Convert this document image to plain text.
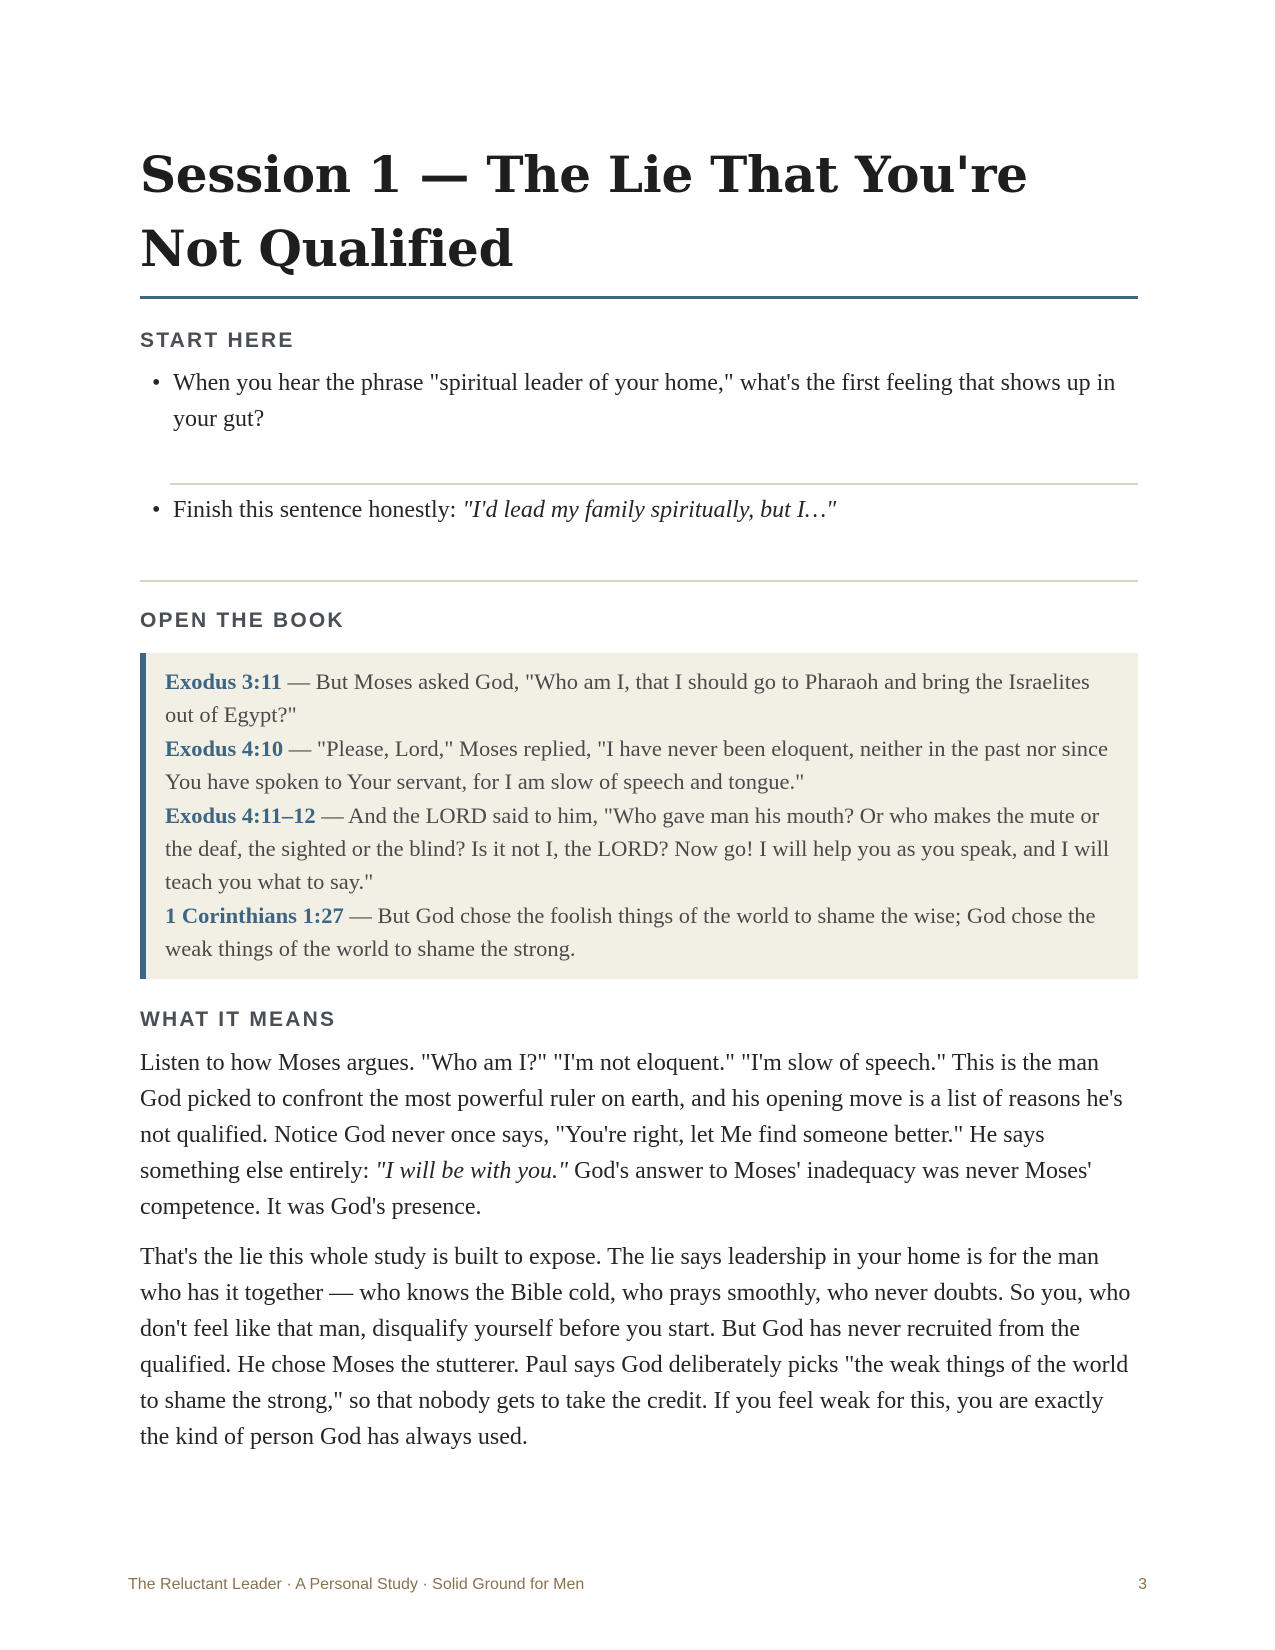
Session 1 — The Lie That You're Not Qualified
START HERE
• When you hear the phrase "spiritual leader of your home," what's the first feeling that shows up in your gut?
• Finish this sentence honestly: "I'd lead my family spiritually, but I…"
OPEN THE BOOK
Exodus 3:11 — But Moses asked God, "Who am I, that I should go to Pharaoh and bring the Israelites out of Egypt?"
Exodus 4:10 — "Please, Lord," Moses replied, "I have never been eloquent, neither in the past nor since You have spoken to Your servant, for I am slow of speech and tongue."
Exodus 4:11–12 — And the LORD said to him, "Who gave man his mouth? Or who makes the mute or the deaf, the sighted or the blind? Is it not I, the LORD? Now go! I will help you as you speak, and I will teach you what to say."
1 Corinthians 1:27 — But God chose the foolish things of the world to shame the wise; God chose the weak things of the world to shame the strong.
WHAT IT MEANS

Listen to how Moses argues. "Who am I?" "I'm not eloquent." "I'm slow of speech." This is the man God picked to confront the most powerful ruler on earth, and his opening move is a list of reasons he's not qualified. Notice God never once says, "You're right, let Me find someone better." He says something else entirely: "I will be with you." God's answer to Moses' inadequacy was never Moses' competence. It was God's presence.

That's the lie this whole study is built to expose. The lie says leadership in your home is for the man who has it together — who knows the Bible cold, who prays smoothly, who never doubts. So you, who don't feel like that man, disqualify yourself before you start. But God has never recruited from the qualified. He chose Moses the stutterer. Paul says God deliberately picks "the weak things of the world to shame the strong," so that nobody gets to take the credit. If you feel weak for this, you are exactly the kind of person God has always used.

The Reluctant Leader · A Personal Study · Solid Ground for Men	3
